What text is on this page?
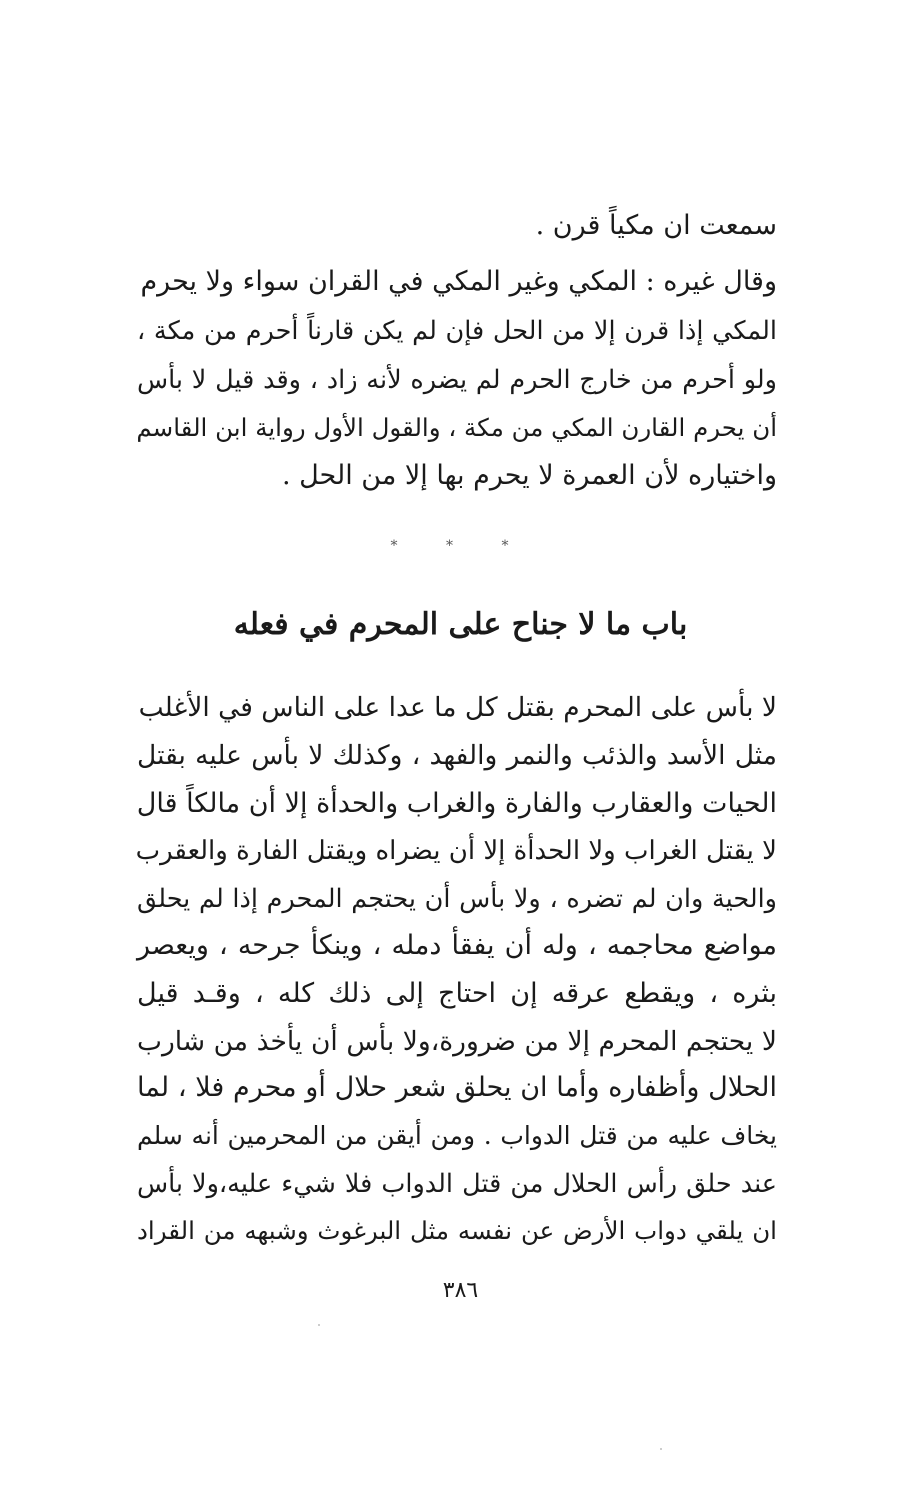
سمعت ان مكياً قرن .
وقال غيره : المكي وغير المكي في القران سواء ولا يحرم
المكي إذا قرن إلا من الحل فإن لم يكن قارناً أحرم من مكة ،
ولو أحرم من خارج الحرم لم يضره لأنه زاد ، وقد قيل لا بأس
أن يحرم القارن المكي من مكة ، والقول الأول رواية ابن القاسم
واختياره لأن العمرة لا يحرم بها إلا من الحل .
* * *
باب ما لا جناح على المحرم في فعله
لا بأس على المحرم بقتل كل ما عدا على الناس في الأغلب
مثل الأسد والذئب والنمر والفهد ، وكذلك لا بأس عليه بقتل
الحيات والعقارب والفارة والغراب والحدأة إلا أن مالكاً قال
لا يقتل الغراب ولا الحدأة إلا أن يضراه ويقتل الفارة والعقرب
والحية وان لم تضره ، ولا بأس أن يحتجم المحرم إذا لم يحلق
مواضع محاجمه ، وله أن يفقأ دمله ، وينكأ جرحه ، ويعصر
بثره ، ويقطع عرقه إن احتاج إلى ذلك كله ، وقـد قيل
لا يحتجم المحرم إلا من ضرورة،ولا بأس أن يأخذ من شارب
الحلال وأظفاره وأما ان يحلق شعر حلال أو محرم فلا ، لما
يخاف عليه من قتل الدواب . ومن أيقن من المحرمين أنه سلم
عند حلق رأس الحلال من قتل الدواب فلا شيء عليه،ولا بأس
ان يلقي دواب الأرض عن نفسه مثل البرغوث وشبهه من القراد
٣٨٦
